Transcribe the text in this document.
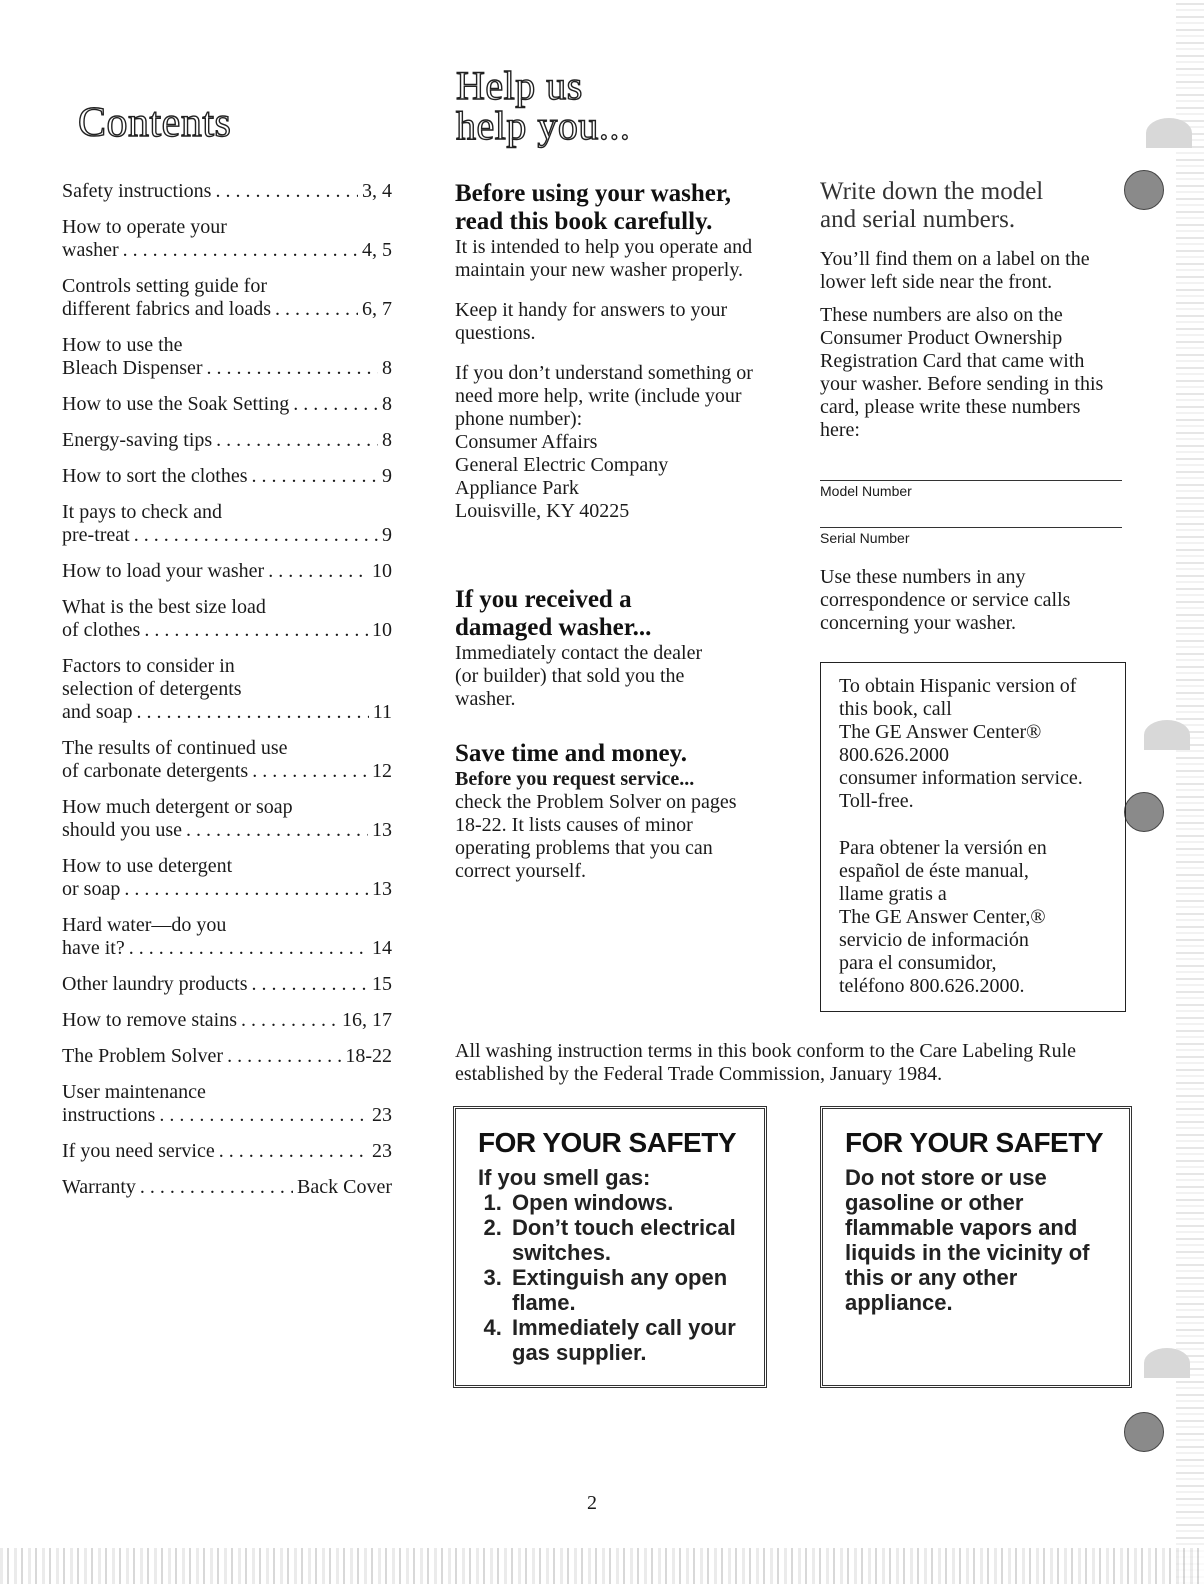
Contents
Safety instructions . . .	3, 4
How to operate your
washer . . .	4, 5
Controls setting guide for
different fabrics and loads . . .	6, 7
How to use the
Bleach Dispenser . . .	8
How to use the Soak Setting . . .	8
Energy-saving tips . . .	8
How to sort the clothes . . .	9
It pays to check and
pre-treat . . .	9
How to load your washer . . .	10
What is the best size load
of clothes . . .	10
Factors to consider in
selection of detergents
and soap . . .	11
The results of continued use
of carbonate detergents . . .	12
How much detergent or soap
should you use . . .	13
How to use detergent
or soap . . .	13
Hard water—do you
have it? . . .	14
Other laundry products . . .	15
How to remove stains . . .	16, 17
The Problem Solver . . .	18-22
User maintenance
instructions . . .	23
If you need service . . .	23
Warranty . . .	Back Cover
Help us
help you...
Before using your washer,
read this book carefully.

It is intended to help you operate and maintain your new washer properly.

Keep it handy for answers to your questions.

If you don’t understand something or need more help, write (include your phone number):

Consumer Affairs

General Electric Company

Appliance Park

Louisville, KY 40225

If you received a
damaged washer...

Immediately contact the dealer (or builder) that sold you the washer.

Save time and money.

Before you request service...

check the Problem Solver on pages 18-22. It lists causes of minor operating problems that you can correct yourself.

Write down the model
and serial numbers.

You’ll find them on a label on the lower left side near the front.

These numbers are also on the Consumer Product Ownership Registration Card that came with your washer. Before sending in this card, please write these numbers here:

Model Number
Serial Number

Use these numbers in any correspondence or service calls concerning your washer.

To obtain Hispanic version of

this book, call

The GE Answer Center®

800.626.2000

consumer information service.

Toll-free.

Para obtener la versión en

español de éste manual,

llame gratis a

The GE Answer Center,®

servicio de información

para el consumidor,

teléfono 800.626.2000.

All washing instruction terms in this book conform to the Care Labeling Rule established by the Federal Trade Commission, January 1984.

FOR YOUR SAFETY
If you smell gas:
1. Open windows.
2. Don’t touch electrical switches.
3. Extinguish any open flame.
4. Immediately call your gas supplier.
FOR YOUR SAFETY
Do not store or use gasoline or other flammable vapors and liquids in the vicinity of this or any other appliance.
2
